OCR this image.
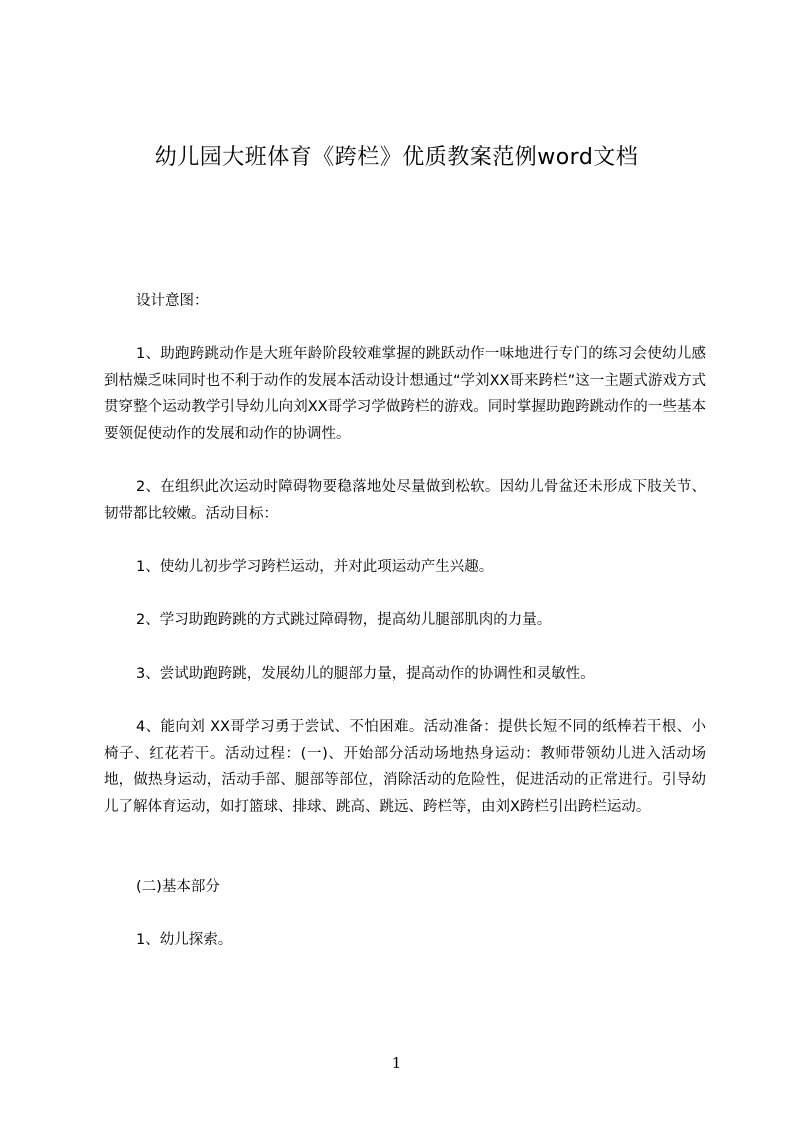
幼儿园大班体育《跨栏》优质教案范例word文档

设计意图：

1、助跑跨跳动作是大班年龄阶段较难掌握的跳跃动作一味地进行专门的练习会使幼儿感到枯燥乏味同时也不利于动作的发展本活动设计想通过“学刘XX哥来跨栏”这一主题式游戏方式贯穿整个运动教学引导幼儿向刘XX哥学习学做跨栏的游戏。同时掌握助跑跨跳动作的一些基本要领促使动作的发展和动作的协调性。

2、在组织此次运动时障碍物要稳落地处尽量做到松软。因幼儿骨盆还未形成下肢关节、韧带都比较嫩。活动目标：

1、使幼儿初步学习跨栏运动，并对此项运动产生兴趣。

2、学习助跑跨跳的方式跳过障碍物，提高幼儿腿部肌肉的力量。

3、尝试助跑跨跳，发展幼儿的腿部力量，提高动作的协调性和灵敏性。

4、能向刘 XX哥学习勇于尝试、不怕困难。活动准备：提供长短不同的纸棒若干根、小椅子、红花若干。活动过程：(一)、开始部分活动场地热身运动：教师带领幼儿进入活动场地，做热身运动，活动手部、腿部等部位，消除活动的危险性，促进活动的正常进行。引导幼儿了解体育运动，如打篮球、排球、跳高、跳远、跨栏等，由刘X跨栏引出跨栏运动。

(二)基本部分

1、幼儿探索。

1
